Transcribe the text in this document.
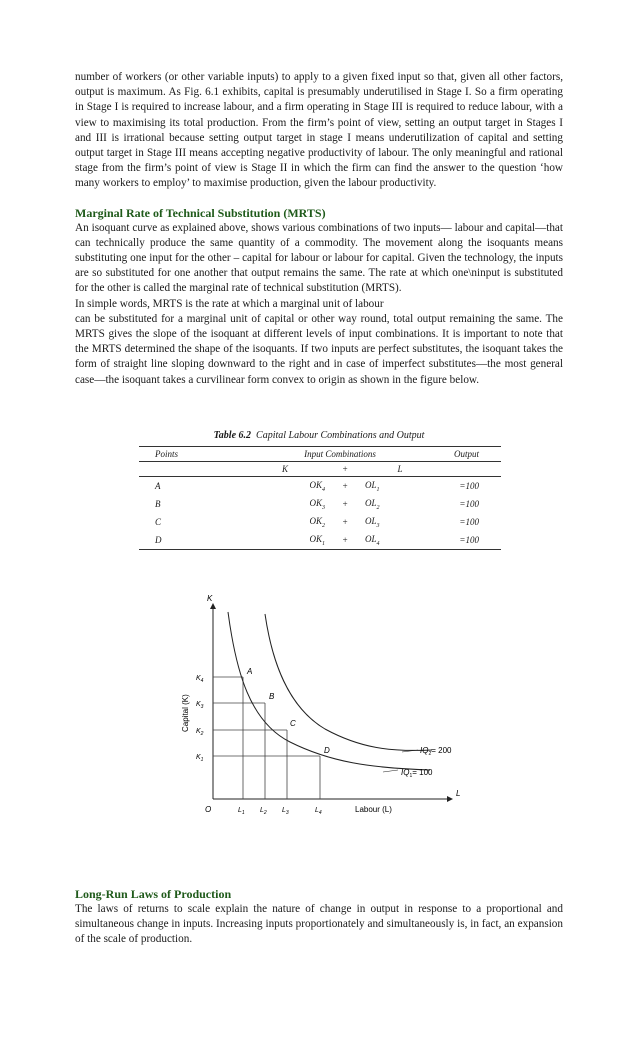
number of workers (or other variable inputs) to apply to a given fixed input so that, given all other factors, output is maximum. As Fig. 6.1 exhibits, capital is presumably underutilised in Stage I. So a firm operating in Stage I is required to increase labour, and a firm operating in Stage III is required to reduce labour, with a view to maximising its total production. From the firm’s point of view, setting an output target in Stages I and III is irrational because setting output target in stage I means underutilization of capital and setting output target in Stage III means accepting negative productivity of labour. The only meaningful and rational stage from the firm’s point of view is Stage II in which the firm can find the answer to the question ‘how many workers to employ’ to maximise production, given the labour productivity.

Marginal Rate of Technical Substitution (MRTS)

An isoquant curve as explained above, shows various combinations of two inputs— labour and capital—that can technically produce the same quantity of a commodity. The movement along the isoquants means substituting one input for the other – capital for labour or labour for capital. Given the technology, the inputs are so substituted for one another that output remains the same. The rate at which one\ninput is substituted for the other is called the marginal rate of technical substitution (MRTS).

In simple words, MRTS is the rate at which a marginal unit of labour

can be substituted for a marginal unit of capital or other way round, total output remaining the same. The MRTS gives the slope of the isoquant at different levels of input combinations. It is important to note that the MRTS determined the shape of the isoquants. If two inputs are perfect substitutes, the isoquant takes the form of straight line sloping downward to the right and in case of imperfect substitutes—the most general case—the isoquant takes a curvilinear form convex to origin as shown in the figure below.

Table 6.2 Capital Labour Combinations and Output
Points	Input Combinations			Output
	K	+	L	
A	$OK_4$	+	$OL_1$	=100
B	$OK_3$	+	$OL_2$	=100
C	$OK_2$	+	$OL_3$	=100
D	$OK_1$	+	$OL_4$	=100
K
L
O
Capital (K)
Labour (L)
$K_4$
$K_3$
$K_2$
$K_1$
$L_1$ $L_2$ $L_3$	$L_4$
A
B
C
D	$IQ_2= 200$
$IQ_1= 100$

Long-Run Laws of Production

The laws of returns to scale explain the nature of change in output in response to a proportional and simultaneous change in inputs. Increasing inputs proportionately and simultaneously is, in fact, an expansion of the scale of production.
